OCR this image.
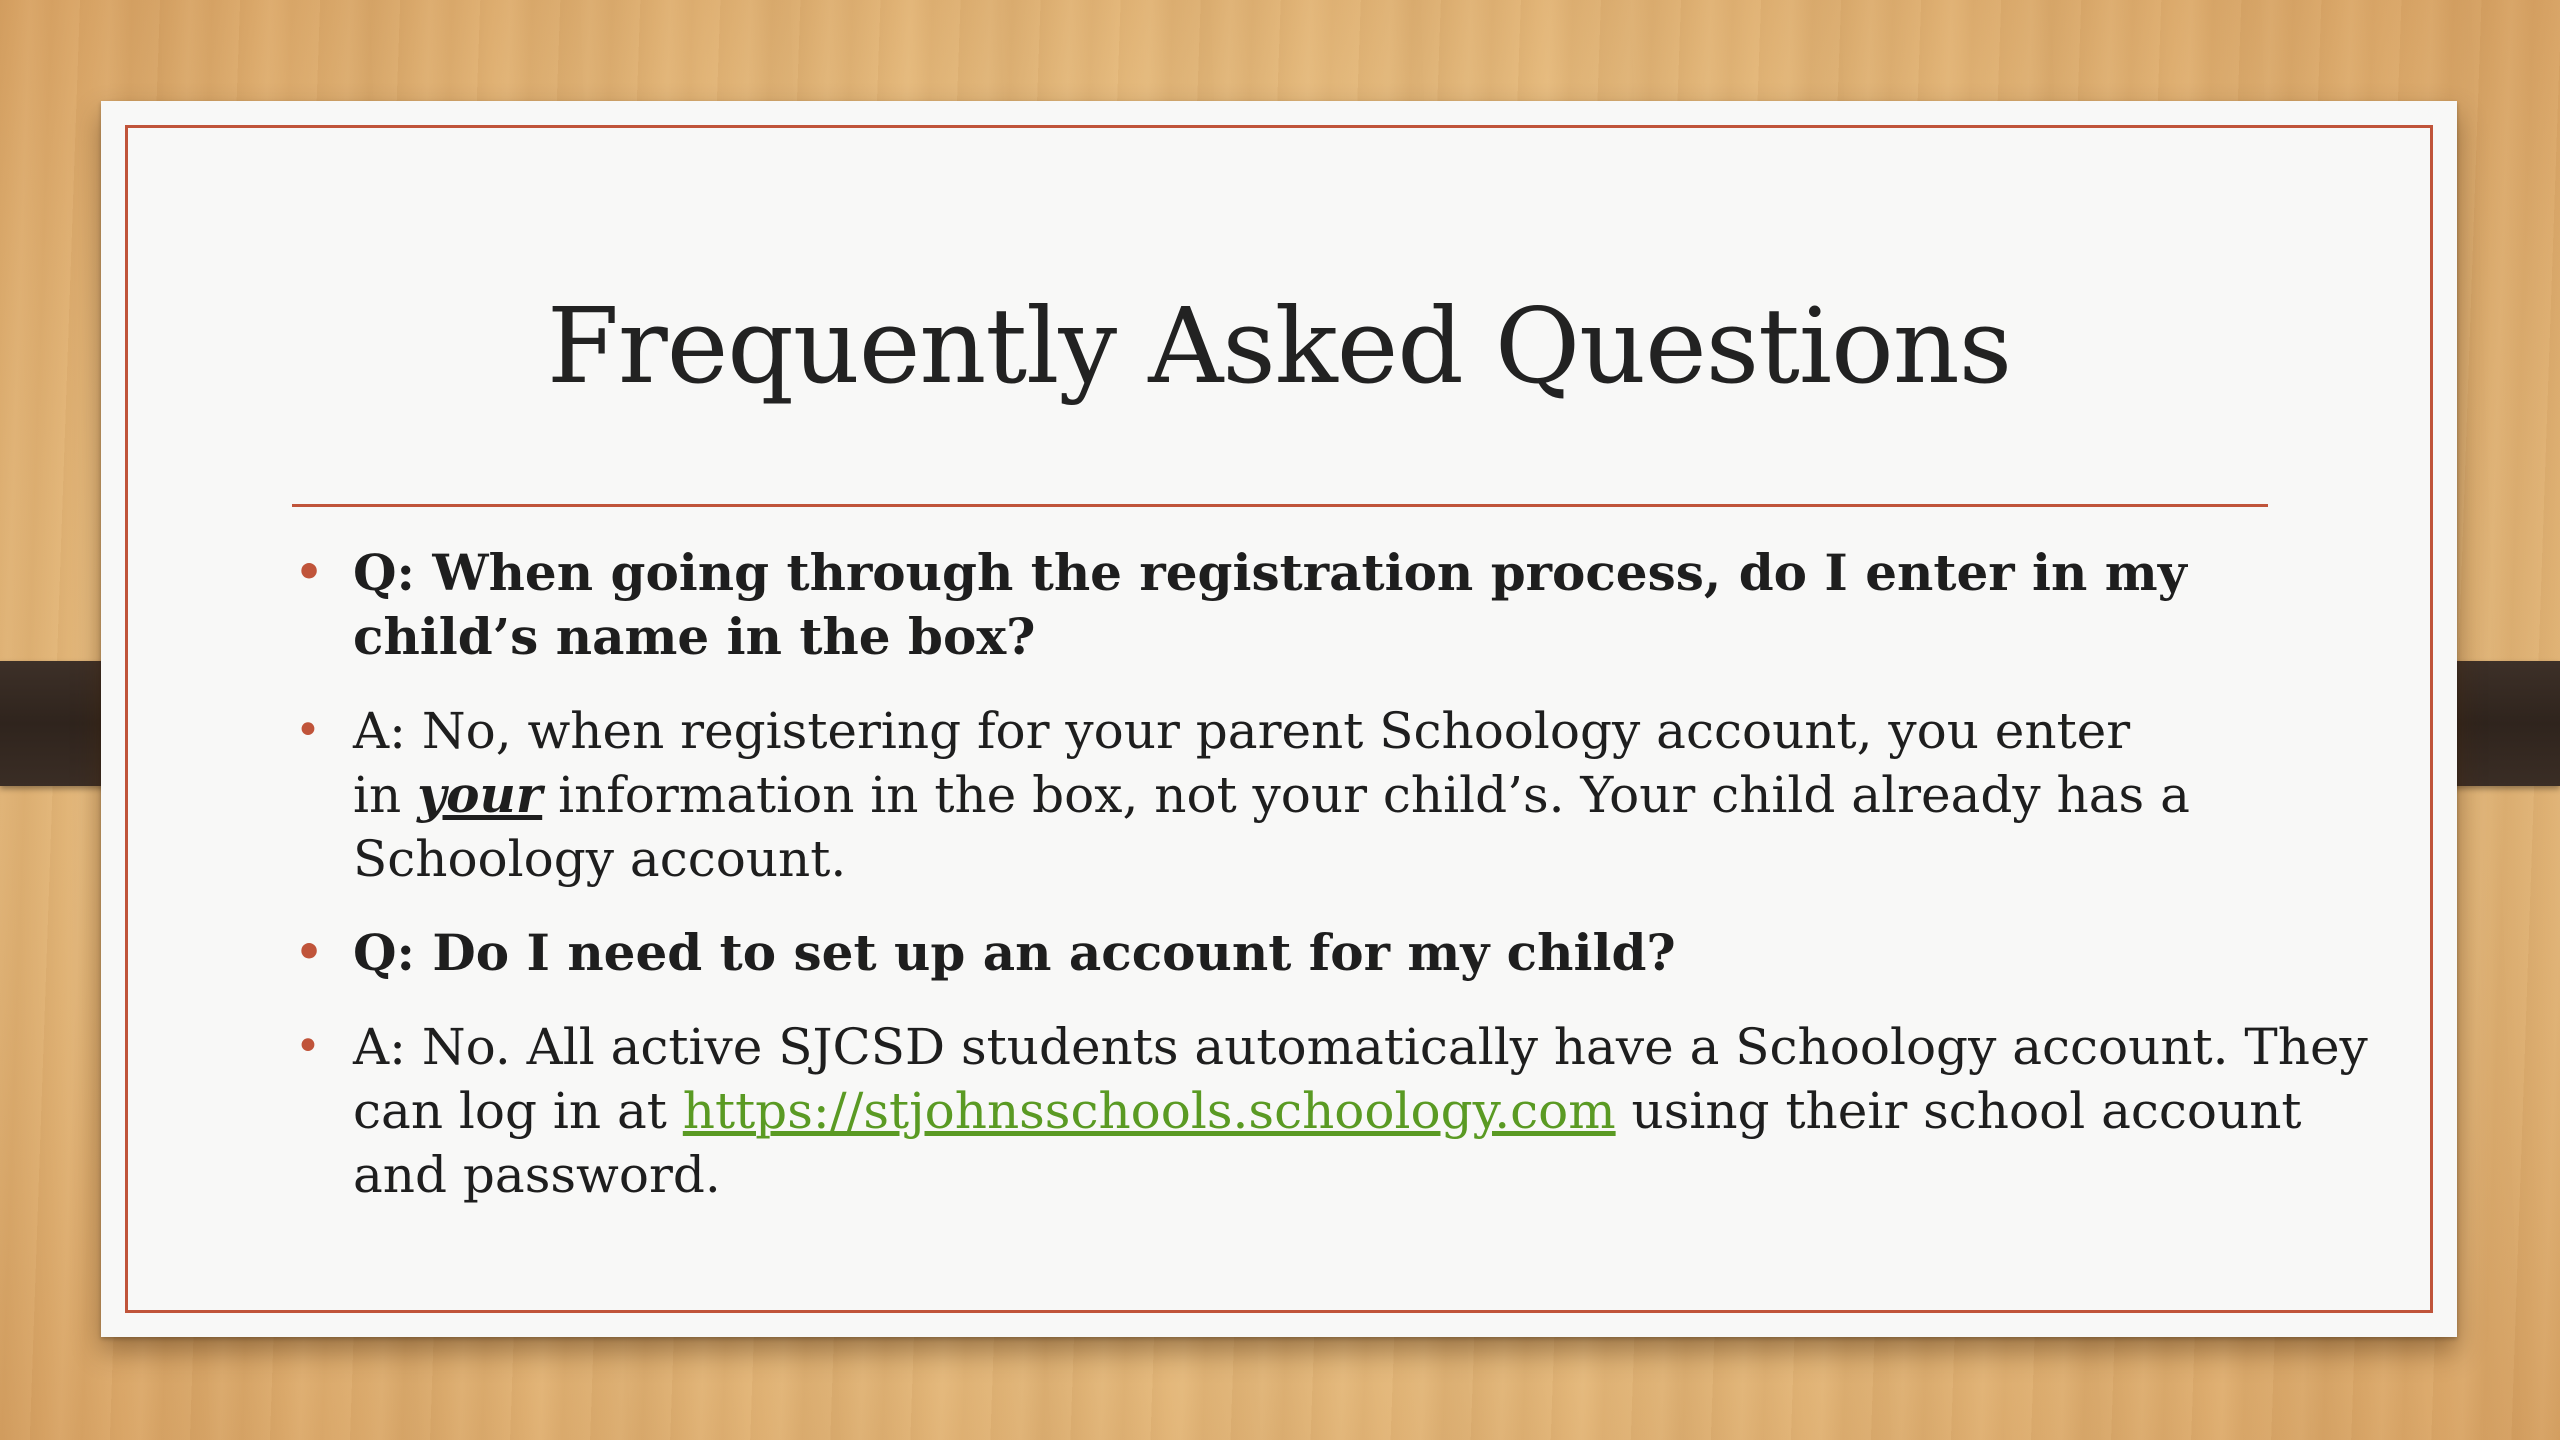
Frequently Asked Questions
• Q: When going through the registration process, do I enter in my child’s name in the box?
• A: No, when registering for your parent Schoology account, you enter
in your information in the box, not your child’s. Your child already has a Schoology account.
• Q: Do I need to set up an account for my child?
• A: No. All active SJCSD students automatically have a Schoology account. They can log in at https://stjohnsschools.schoology.com using their school account and password.
